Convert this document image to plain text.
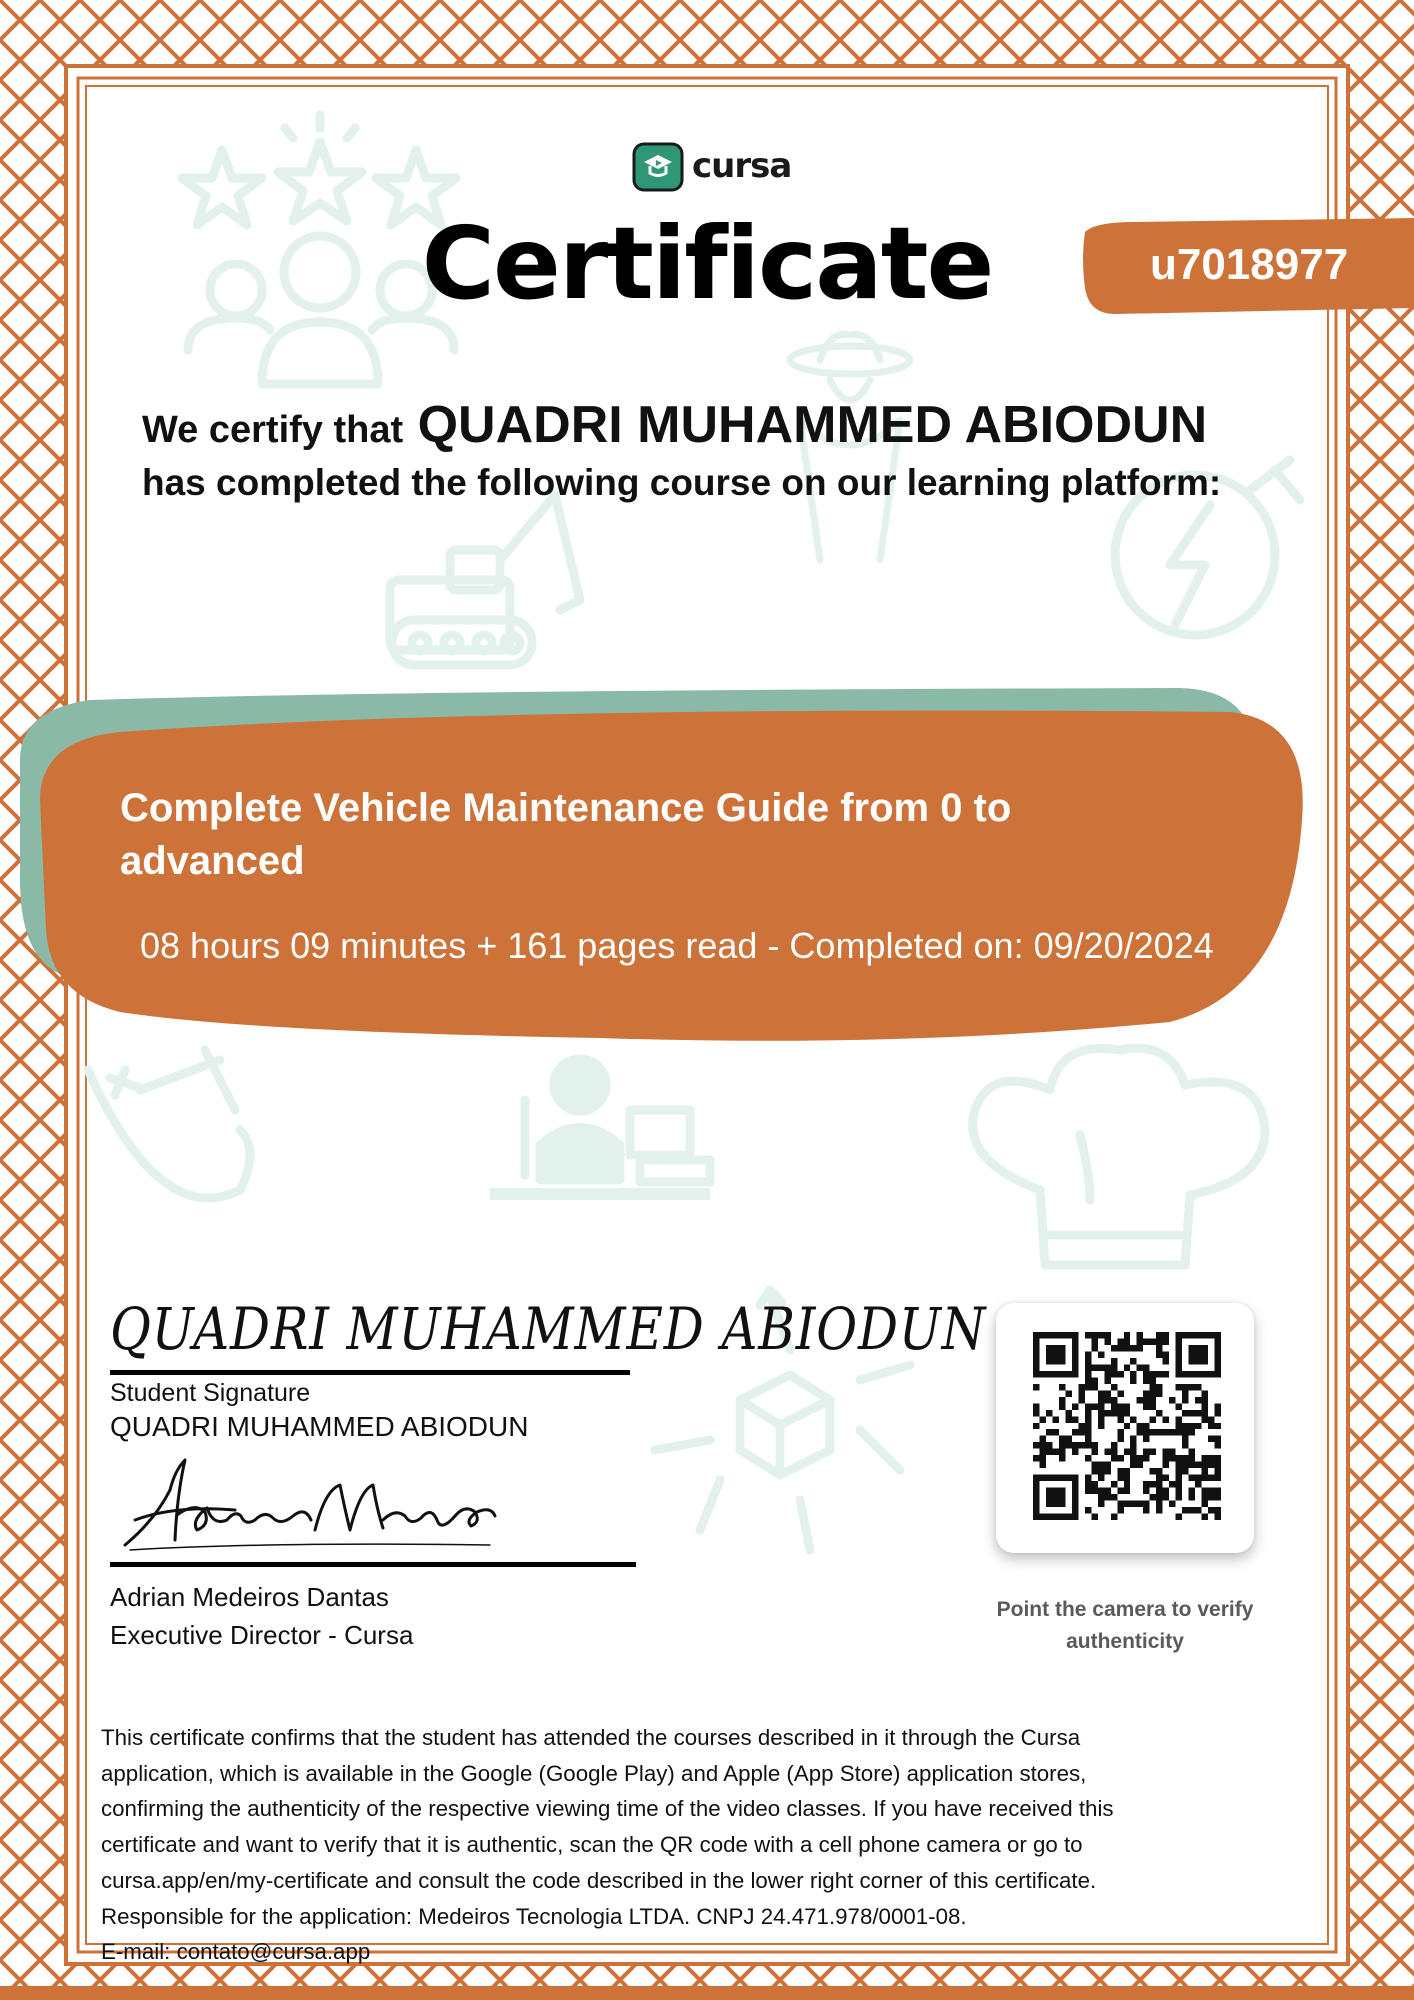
cursa
Certificate	u7018977
We certify that QUADRI MUHAMMED ABIODUN
has completed the following course on our learning platform:
Complete Vehicle Maintenance Guide from 0 to advanced
08 hours 09 minutes + 161 pages read - Completed on: 09/20/2024
QUADRI MUHAMMED ABIODUN
Student Signature
QUADRI MUHAMMED ABIODUN
Adrian Medeiros Dantas
Executive Director - Cursa
Point the camera to verify authenticity

This certificate confirms that the student has attended the courses described in it through the Cursa

application, which is available in the Google (Google Play) and Apple (App Store) application stores,

confirming the authenticity of the respective viewing time of the video classes. If you have received this

certificate and want to verify that it is authentic, scan the QR code with a cell phone camera or go to

cursa.app/en/my-certificate and consult the code described in the lower right corner of this certificate.

Responsible for the application: Medeiros Tecnologia LTDA. CNPJ 24.471.978/0001-08.

E-mail: contato@cursa.app
